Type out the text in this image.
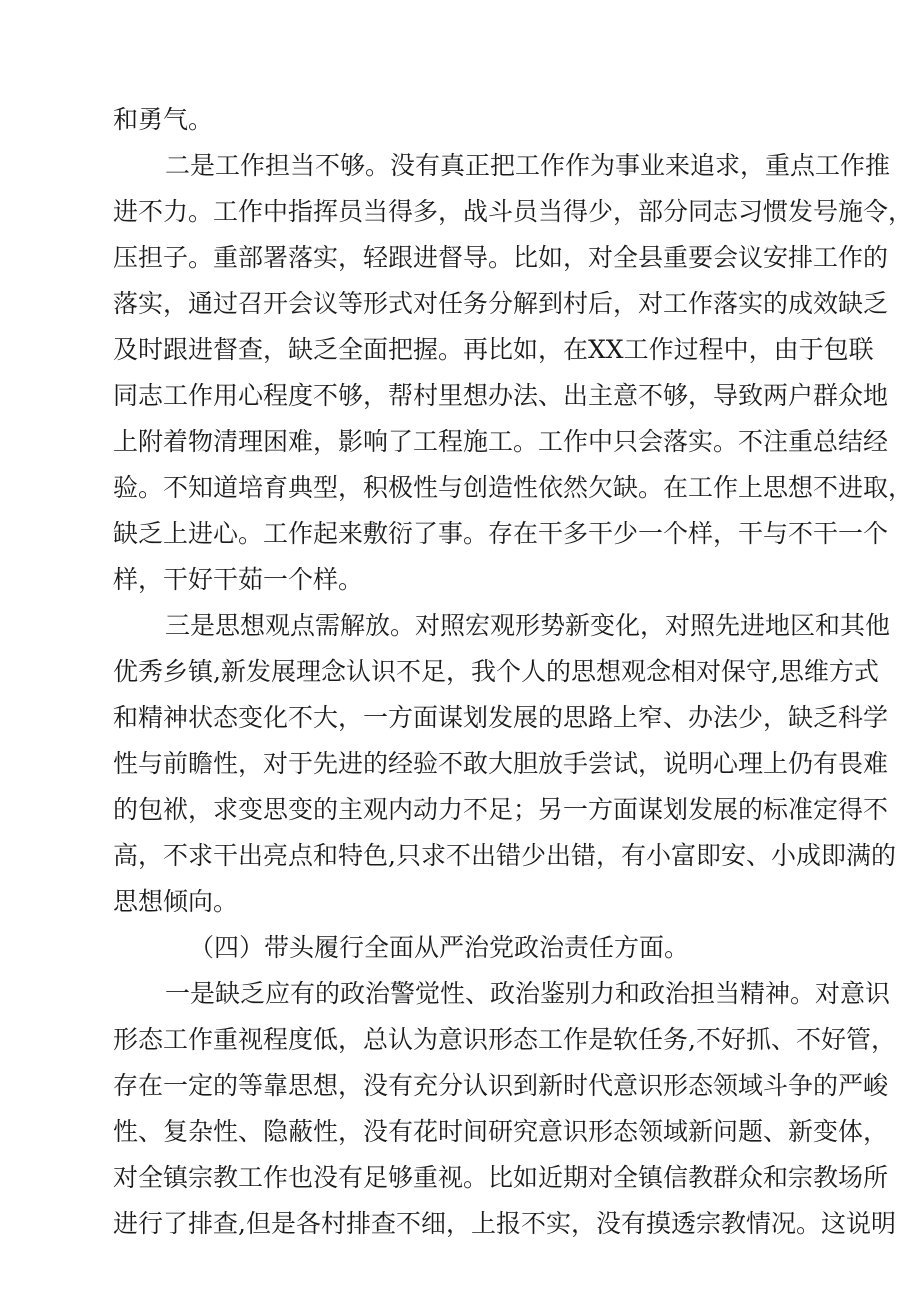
和勇气。
二是工作担当不够。没有真正把工作作为事业来追求，重点工作推
进不力。工作中指挥员当得多，战斗员当得少，部分同志习惯发号施令，
压担子。重部署落实，轻跟进督导。比如，对全县重要会议安排工作的
落实，通过召开会议等形式对任务分解到村后，对工作落实的成效缺乏
及时跟进督查，缺乏全面把握。再比如，在XX工作过程中，由于包联
同志工作用心程度不够，帮村里想办法、出主意不够，导致两户群众地
上附着物清理困难，影响了工程施工。工作中只会落实。不注重总结经
验。不知道培育典型，积极性与创造性依然欠缺。在工作上思想不进取，
缺乏上进心。工作起来敷衍了事。存在干多干少一个样，干与不干一个
样，干好干茹一个样。
三是思想观点需解放。对照宏观形势新变化，对照先进地区和其他
优秀乡镇,新发展理念认识不足，我个人的思想观念相对保守,思维方式
和精神状态变化不大，一方面谋划发展的思路上窄、办法少，缺乏科学
性与前瞻性，对于先进的经验不敢大胆放手尝试，说明心理上仍有畏难
的包袱，求变思变的主观内动力不足；另一方面谋划发展的标准定得不
高，不求干出亮点和特色,只求不出错少出错，有小富即安、小成即满的
思想倾向。
（四）带头履行全面从严治党政治责任方面。
一是缺乏应有的政治警觉性、政治鉴别力和政治担当精神。对意识
形态工作重视程度低，总认为意识形态工作是软任务,不好抓、不好管，
存在一定的等靠思想，没有充分认识到新时代意识形态领域斗争的严峻
性、复杂性、隐蔽性，没有花时间研究意识形态领域新问题、新变体，
对全镇宗教工作也没有足够重视。比如近期对全镇信教群众和宗教场所
进行了排查,但是各村排查不细，上报不实，没有摸透宗教情况。这说明
